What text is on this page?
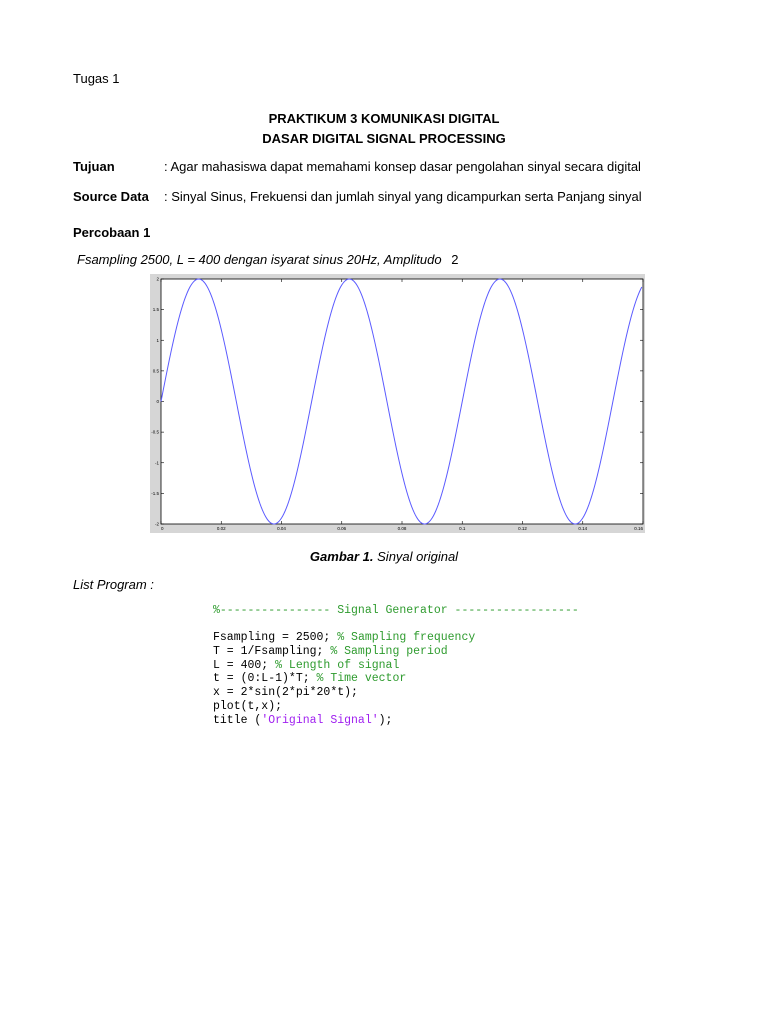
Tugas 1
PRAKTIKUM 3 KOMUNIKASI DIGITAL
DASAR DIGITAL SIGNAL PROCESSING
Tujuan	: Agar mahasiswa dapat memahami konsep dasar pengolahan sinyal secara digital
Source Data : Sinyal Sinus, Frekuensi dan jumlah sinyal yang dicampurkan serta Panjang sinyal
Percobaan 1
Fsampling 2500, L = 400 dengan isyarat sinus 20Hz, Amplitudo 2
2
1.5
1
0.5
0
-0.5
-1
-1.5
-2
0	0.02	0.04	0.06	0.08	0.1	0.12	0.14	0.16
Gambar 1. Sinyal original
List Program :
%---------------- Signal Generator ------------------
Fsampling = 2500; % Sampling frequency
T = 1/Fsampling; % Sampling period
L = 400; % Length of signal
t = (0:L-1)*T; % Time vector
x = 2*sin(2*pi*20*t);
plot(t,x);
title ('Original Signal');
